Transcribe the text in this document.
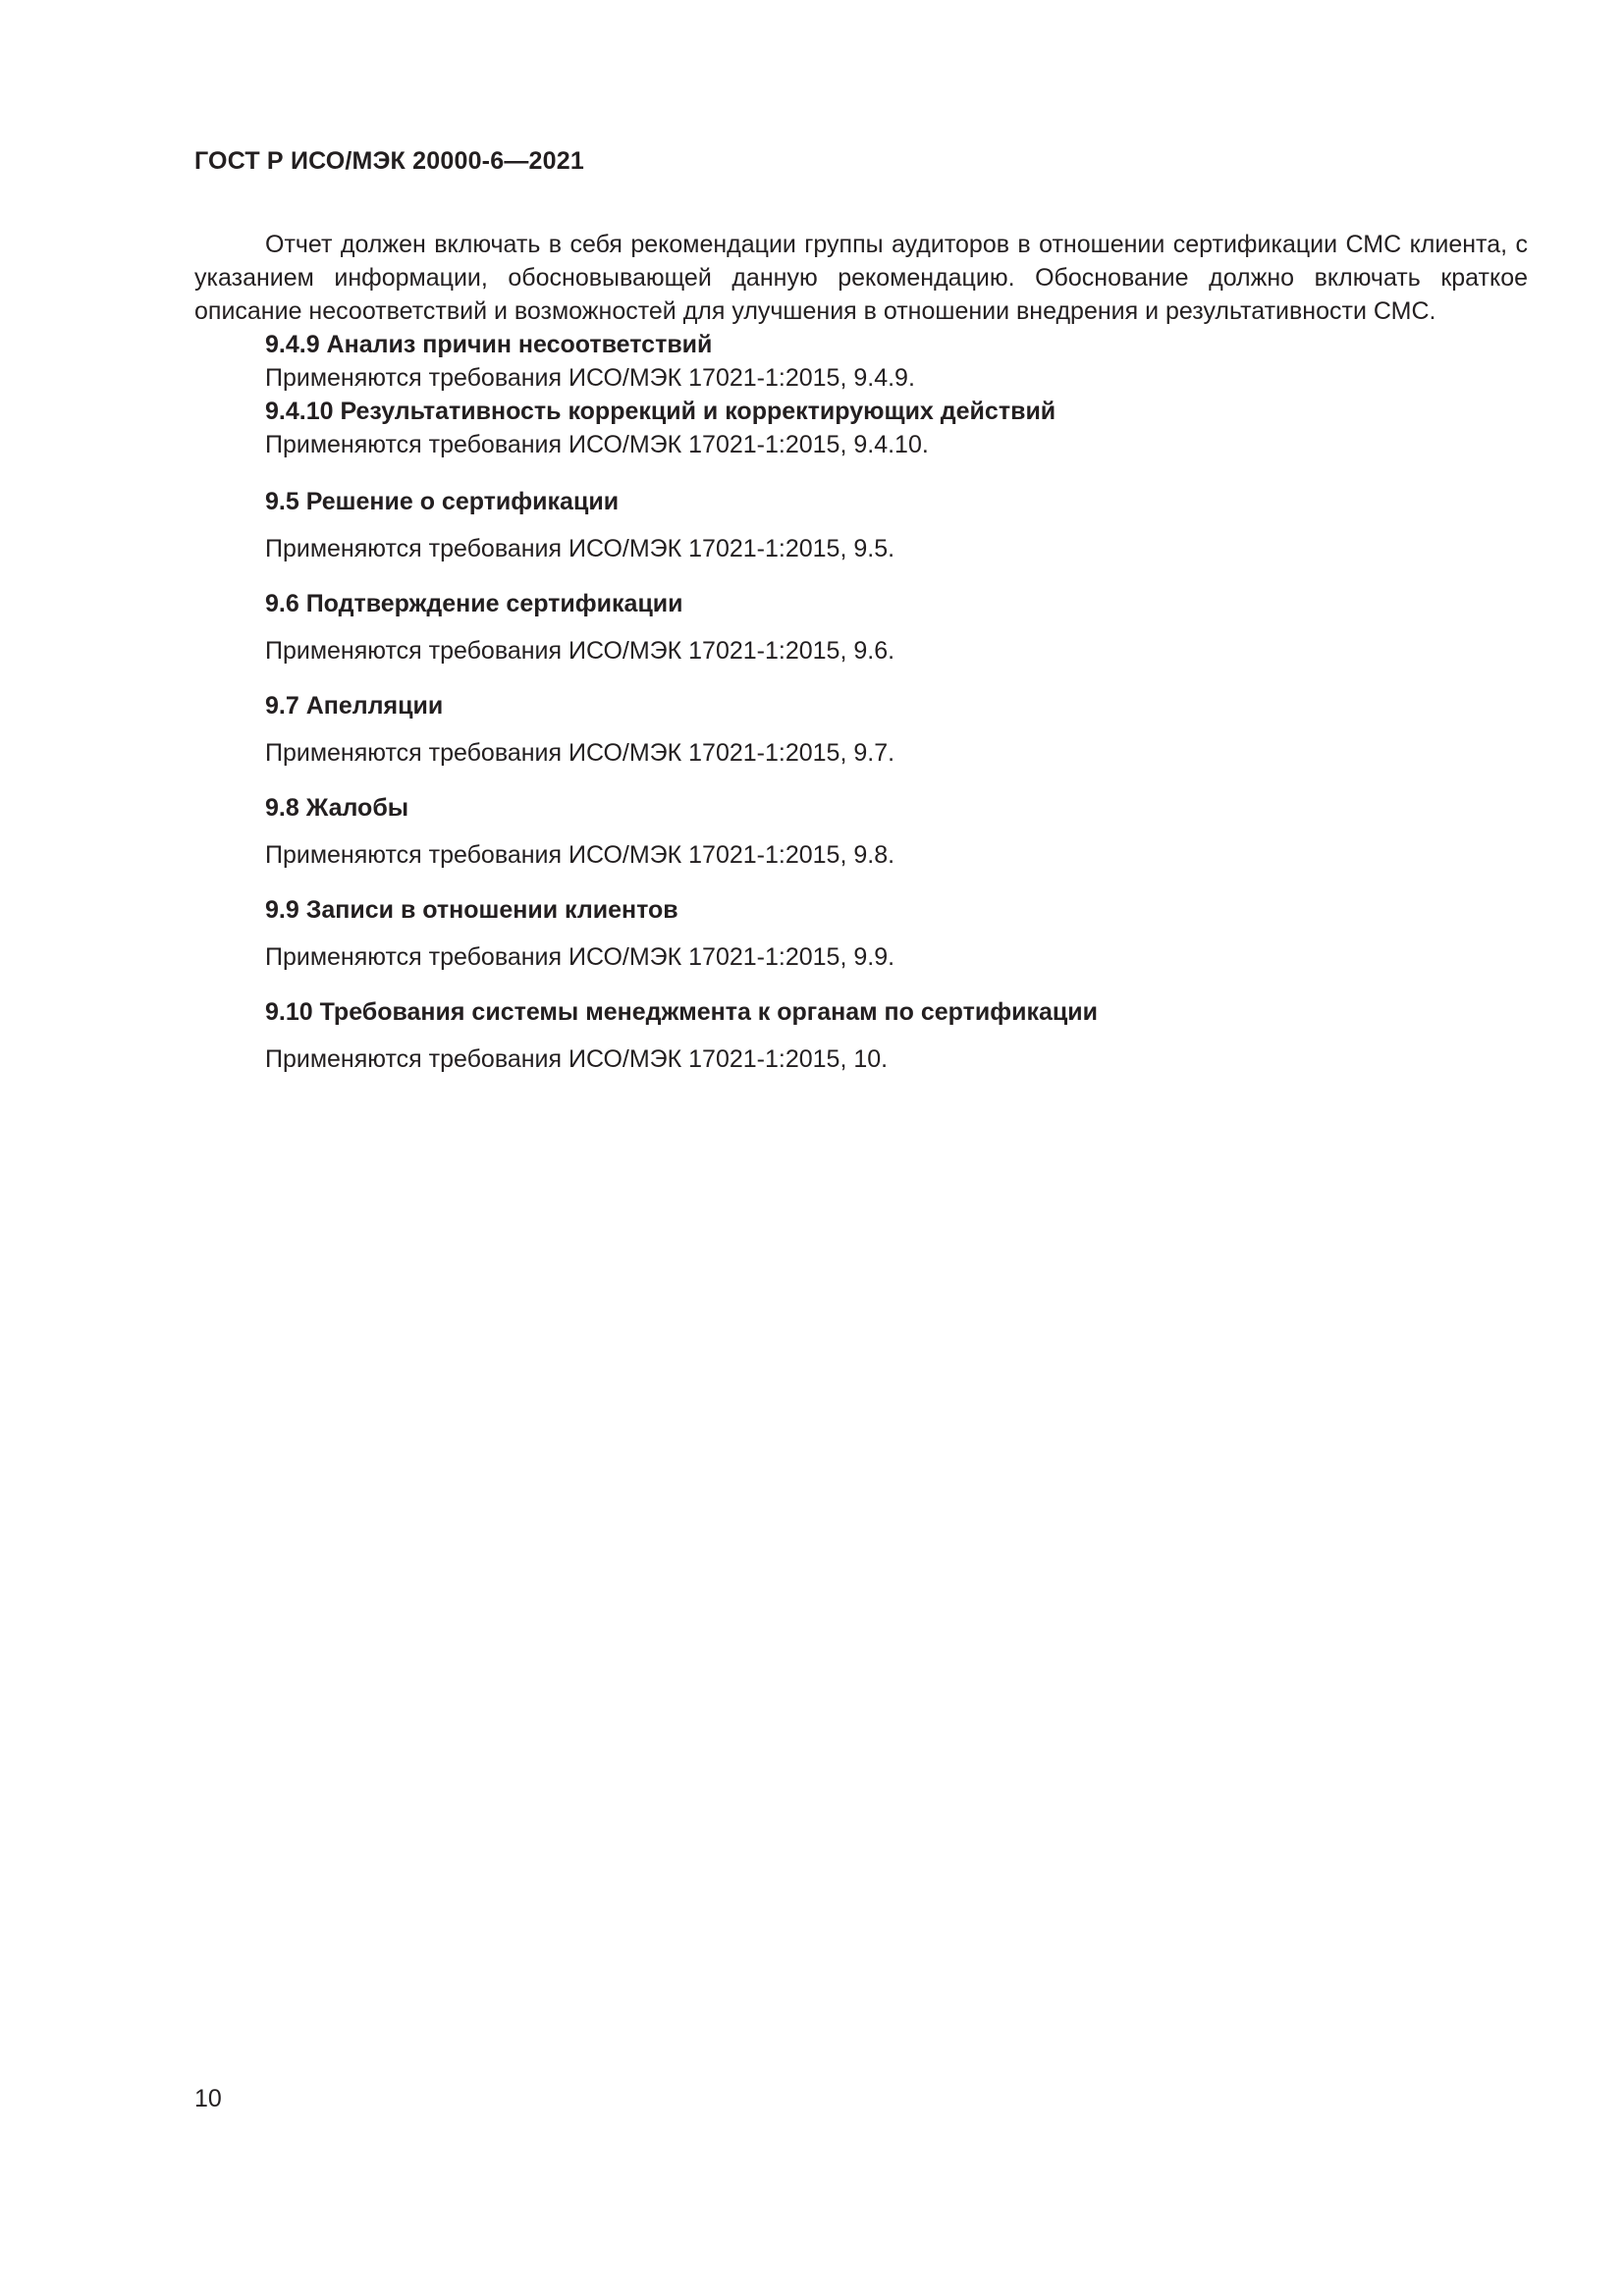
ГОСТ Р ИСО/МЭК 20000-6—2021

Отчет должен включать в себя рекомендации группы аудиторов в отношении сертификации СМС клиента, с указанием информации, обосновывающей данную рекомендацию. Обоснование должно включать краткое описание несоответствий и возможностей для улучшения в отношении внедрения и результативности СМС.

9.4.9 Анализ причин несоответствий

Применяются требования ИСО/МЭК 17021-1:2015, 9.4.9.

9.4.10 Результативность коррекций и корректирующих действий

Применяются требования ИСО/МЭК 17021-1:2015, 9.4.10.

9.5 Решение о сертификации

Применяются требования ИСО/МЭК 17021-1:2015, 9.5.

9.6 Подтверждение сертификации

Применяются требования ИСО/МЭК 17021-1:2015, 9.6.

9.7 Апелляции

Применяются требования ИСО/МЭК 17021-1:2015, 9.7.

9.8 Жалобы

Применяются требования ИСО/МЭК 17021-1:2015, 9.8.

9.9 Записи в отношении клиентов

Применяются требования ИСО/МЭК 17021-1:2015, 9.9.

9.10 Требования системы менеджмента к органам по сертификации

Применяются требования ИСО/МЭК 17021-1:2015, 10.

10
